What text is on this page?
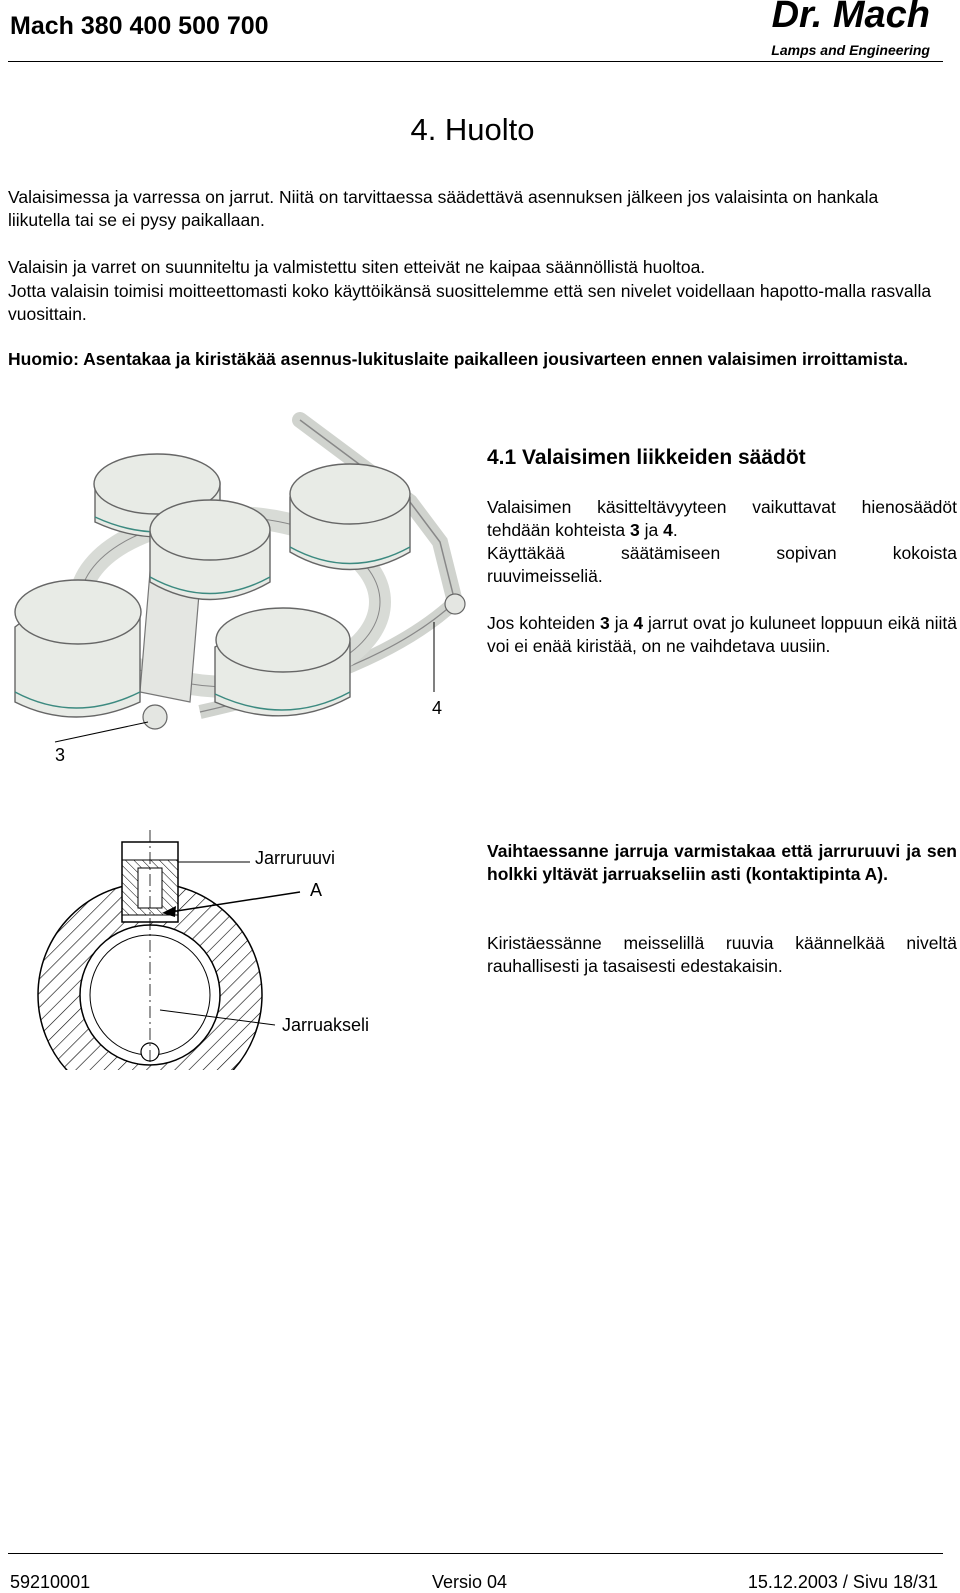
Mach 380 400 500 700	Dr. Mach
Lamps and Engineering
4. Huolto
Valaisimessa ja varressa on jarrut. Niitä on tarvittaessa säädettävä asennuksen jälkeen jos valaisinta on hankala liikutella tai se ei pysy paikallaan.
Valaisin ja varret on suunniteltu ja valmistettu siten etteivät ne kaipaa säännöllistä huoltoa.
Jotta valaisin toimisi moitteettomasti koko käyttöikänsä suosittelemme että sen nivelet voidellaan hapotto-malla rasvalla vuosittain.
Huomio: Asentakaa ja kiristäkää asennus-lukituslaite paikalleen jousivarteen ennen valaisimen irroittamista.
3
4
4.1 Valaisimen liikkeiden säädöt
Valaisimen käsitteltävyyteen vaikuttavat hienosäädöt
tehdään kohteista 3 ja 4.
Käyttäkää säätämiseen sopivan kokoista
ruuvimeisseliä.
Jos kohteiden 3 ja 4 jarrut ovat jo kuluneet loppuun eikä niitä voi ei enää kiristää, on ne vaihdetava uusiin.
Jarruruuvi
A
Jarruakseli
Vaihtaessanne jarruja varmistakaa että jarruruuvi ja sen holkki yltävät jarruakseliin asti (kontaktipinta A).
Kiristäessänne meisselillä ruuvia käännelkää niveltä rauhallisesti ja tasaisesti edestakaisin.
59210001	Versio 04	15.12.2003 / Sivu 18/31
